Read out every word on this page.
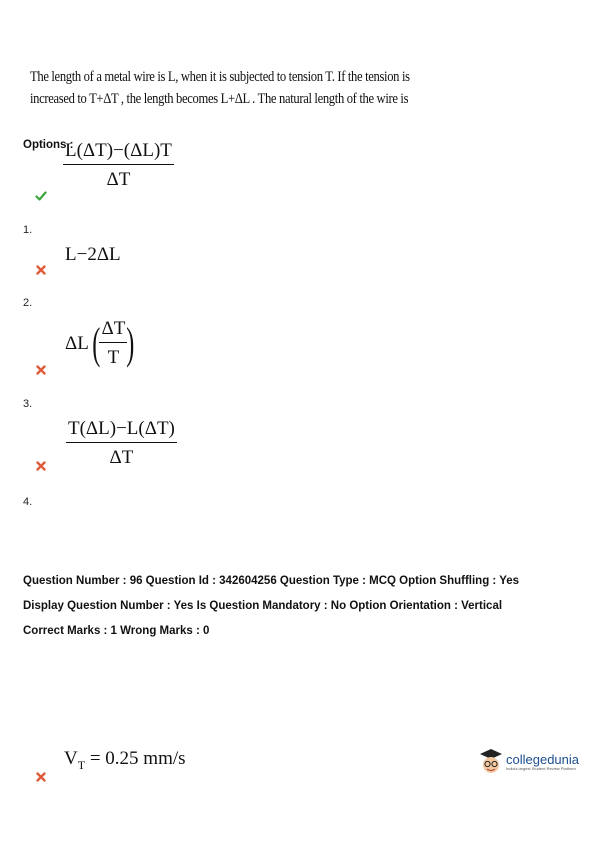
The length of a metal wire is L, when it is subjected to tension T. If the tension is
increased to T+ΔT , the length becomes L+ΔL . The natural length of the wire is
Options :
$\frac{L(\Delta T)-(\Delta L)T}{\Delta T}$
1.
L−2ΔL
ΔL ( $\frac{\Delta T}{T}$ )
$\frac{T(\Delta L)-L(\Delta T)}{\Delta T}$
2.
3.
4.
Question Number : 96 Question Id : 342604256 Question Type : MCQ Option Shuffling : Yes
Display Question Number : Yes Is Question Mandatory : No Option Orientation : Vertical
Correct Marks : 1 Wrong Marks : 0
$V_T = 0.25$ mm/s	collegedunia
India's largest Student Review Platform
